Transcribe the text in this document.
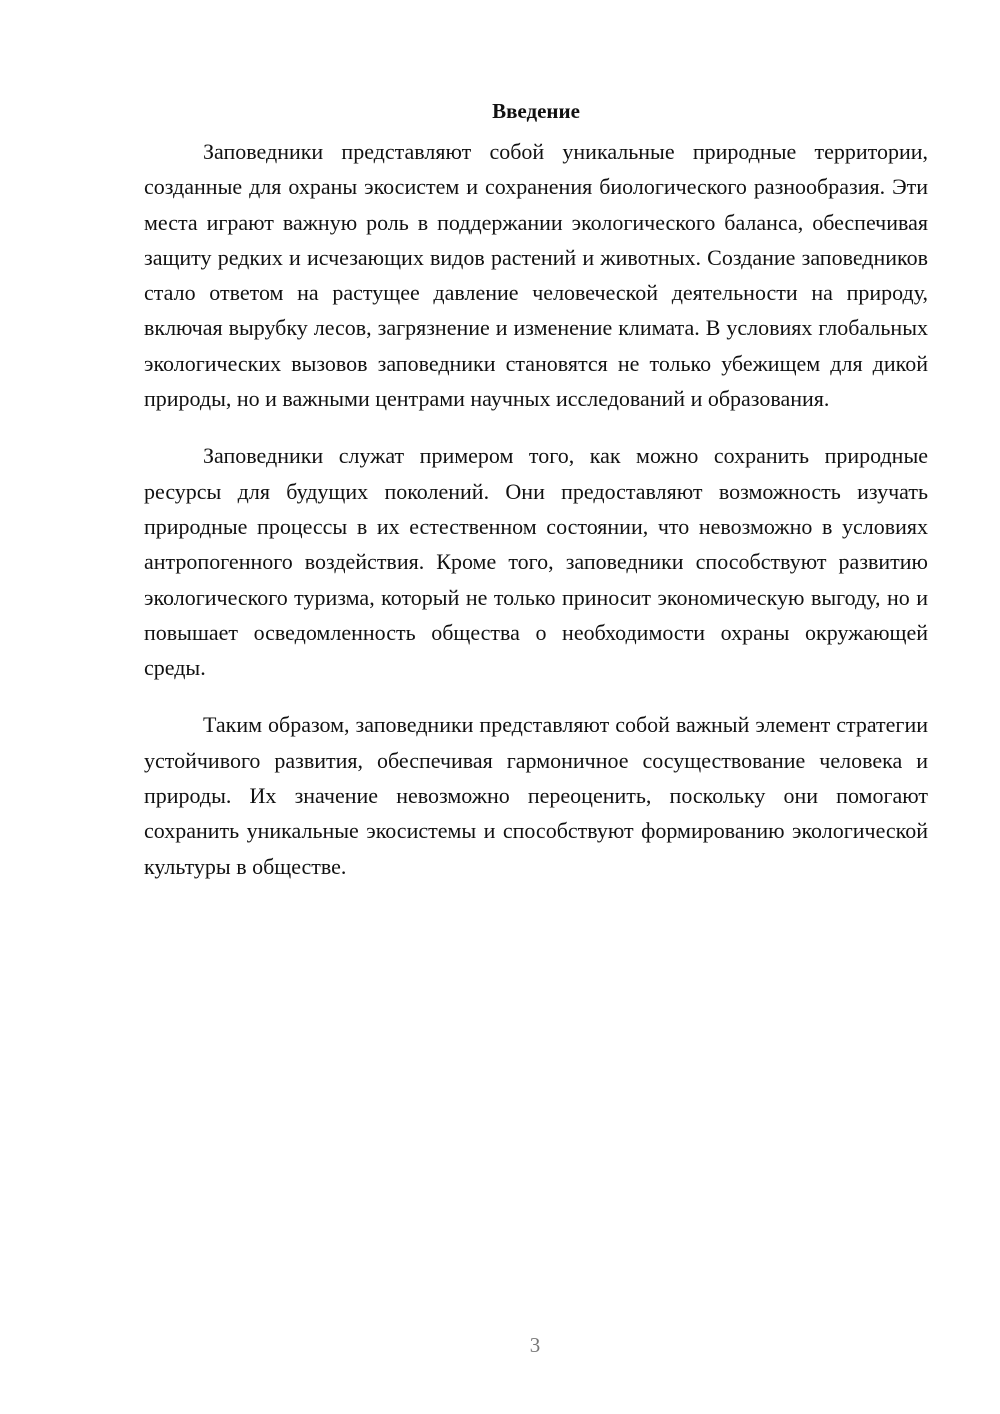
Введение

Заповедники представляют собой уникальные природные территории, созданные для охраны экосистем и сохранения биологического разнообразия. Эти места играют важную роль в поддержании экологического баланса, обеспечивая защиту редких и исчезающих видов растений и животных. Создание заповедников стало ответом на растущее давление человеческой деятельности на природу, включая вырубку лесов, загрязнение и изменение климата. В условиях глобальных экологических вызовов заповедники становятся не только убежищем для дикой природы, но и важными центрами научных исследований и образования.

Заповедники служат примером того, как можно сохранить природные ресурсы для будущих поколений. Они предоставляют возможность изучать природные процессы в их естественном состоянии, что невозможно в условиях антропогенного воздействия. Кроме того, заповедники способствуют развитию экологического туризма, который не только приносит экономическую выгоду, но и повышает осведомленность общества о необходимости охраны окружающей среды.

Таким образом, заповедники представляют собой важный элемент стратегии устойчивого развития, обеспечивая гармоничное сосуществование человека и природы. Их значение невозможно переоценить, поскольку они помогают сохранить уникальные экосистемы и способствуют формированию экологической культуры в обществе.

3
